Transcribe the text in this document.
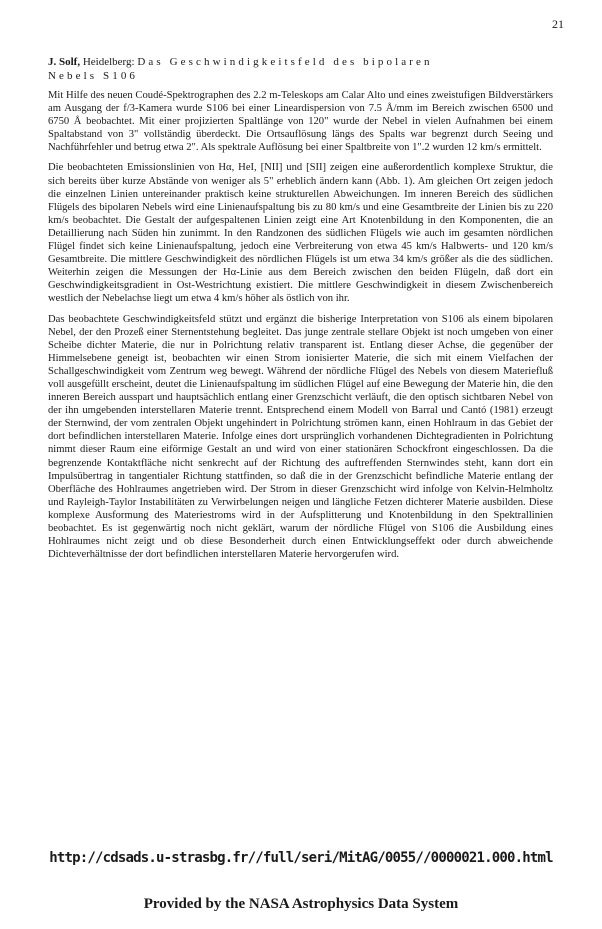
21
J. Solf, Heidelberg: Das Geschwindigkeitsfeld des bipolaren
Nebels S106

Mit Hilfe des neuen Coudé-Spektrographen des 2.2 m-Teleskops am Calar Alto und eines zweistufigen Bildverstärkers am Ausgang der f/3-Kamera wurde S106 bei einer Lineardispersion von 7.5 Å/mm im Bereich zwischen 6500 und 6750 Å beobachtet. Mit einer projizierten Spaltlänge von 120" wurde der Nebel in vielen Aufnahmen bei einem Spaltabstand von 3" vollständig überdeckt. Die Ortsauflösung längs des Spalts war begrenzt durch Seeing und Nachführfehler und betrug etwa 2". Als spektrale Auflösung bei einer Spaltbreite von 1".2 wurden 12 km/s ermittelt.

Die beobachteten Emissionslinien von Hα, HeI, [NII] und [SII] zeigen eine außerordentlich komplexe Struktur, die sich bereits über kurze Abstände von weniger als 5" erheblich ändern kann (Abb. 1). Am gleichen Ort zeigen jedoch die einzelnen Linien untereinander praktisch keine strukturellen Abweichungen. Im inneren Bereich des südlichen Flügels des bipolaren Nebels wird eine Linienaufspaltung bis zu 80 km/s und eine Gesamtbreite der Linien bis zu 220 km/s beobachtet. Die Gestalt der aufgespaltenen Linien zeigt eine Art Knotenbildung in den Komponenten, die an Detaillierung nach Süden hin zunimmt. In den Randzonen des südlichen Flügels wie auch im gesamten nördlichen Flügel findet sich keine Linienaufspaltung, jedoch eine Verbreiterung von etwa 45 km/s Halbwerts- und 120 km/s Gesamtbreite. Die mittlere Geschwindigkeit des nördlichen Flügels ist um etwa 34 km/s größer als die des südlichen. Weiterhin zeigen die Messungen der Hα-Linie aus dem Bereich zwischen den beiden Flügeln, daß dort ein Geschwindigkeitsgradient in Ost-Westrichtung existiert. Die mittlere Geschwindigkeit in diesem Zwischenbereich westlich der Nebelachse liegt um etwa 4 km/s höher als östlich von ihr.

Das beobachtete Geschwindigkeitsfeld stützt und ergänzt die bisherige Interpretation von S106 als einem bipolaren Nebel, der den Prozeß einer Sternentstehung begleitet. Das junge zentrale stellare Objekt ist noch umgeben von einer Scheibe dichter Materie, die nur in Polrichtung relativ transparent ist. Entlang dieser Achse, die gegenüber der Himmelsebene geneigt ist, beobachten wir einen Strom ionisierter Materie, die sich mit einem Vielfachen der Schallgeschwindigkeit vom Zentrum weg bewegt. Während der nördliche Flügel des Nebels von diesem Materiefluß voll ausgefüllt erscheint, deutet die Linienaufspaltung im südlichen Flügel auf eine Bewegung der Materie hin, die den inneren Bereich ausspart und hauptsächlich entlang einer Grenzschicht verläuft, die den optisch sichtbaren Nebel von der ihn umgebenden interstellaren Materie trennt. Entsprechend einem Modell von Barral und Cantó (1981) erzeugt der Sternwind, der vom zentralen Objekt ungehindert in Polrichtung strömen kann, einen Hohlraum in das Gebiet der dort befindlichen interstellaren Materie. Infolge eines dort ursprünglich vorhandenen Dichtegradienten in Polrichtung nimmt dieser Raum eine eiförmige Gestalt an und wird von einer stationären Schockfront eingeschlossen. Da die begrenzende Kontaktfläche nicht senkrecht auf der Richtung des auftreffenden Sternwindes steht, kann dort ein Impulsübertrag in tangentialer Richtung stattfinden, so daß die in der Grenzschicht befindliche Materie entlang der Oberfläche des Hohlraumes angetrieben wird. Der Strom in dieser Grenzschicht wird infolge von Kelvin-Helmholtz und Rayleigh-Taylor Instabilitäten zu Verwirbelungen neigen und längliche Fetzen dichterer Materie ausbilden. Diese komplexe Ausformung des Materiestroms wird in der Aufsplitterung und Knotenbildung in den Spektrallinien beobachtet. Es ist gegenwärtig noch nicht geklärt, warum der nördliche Flügel von S106 die Ausbildung eines Hohlraumes nicht zeigt und ob diese Besonderheit durch einen Entwicklungseffekt oder durch abweichende Dichteverhältnisse der dort befindlichen interstellaren Materie hervorgerufen wird.

http://cdsads.u-strasbg.fr//full/seri/MitAG/0055//0000021.000.html
Provided by the NASA Astrophysics Data System
